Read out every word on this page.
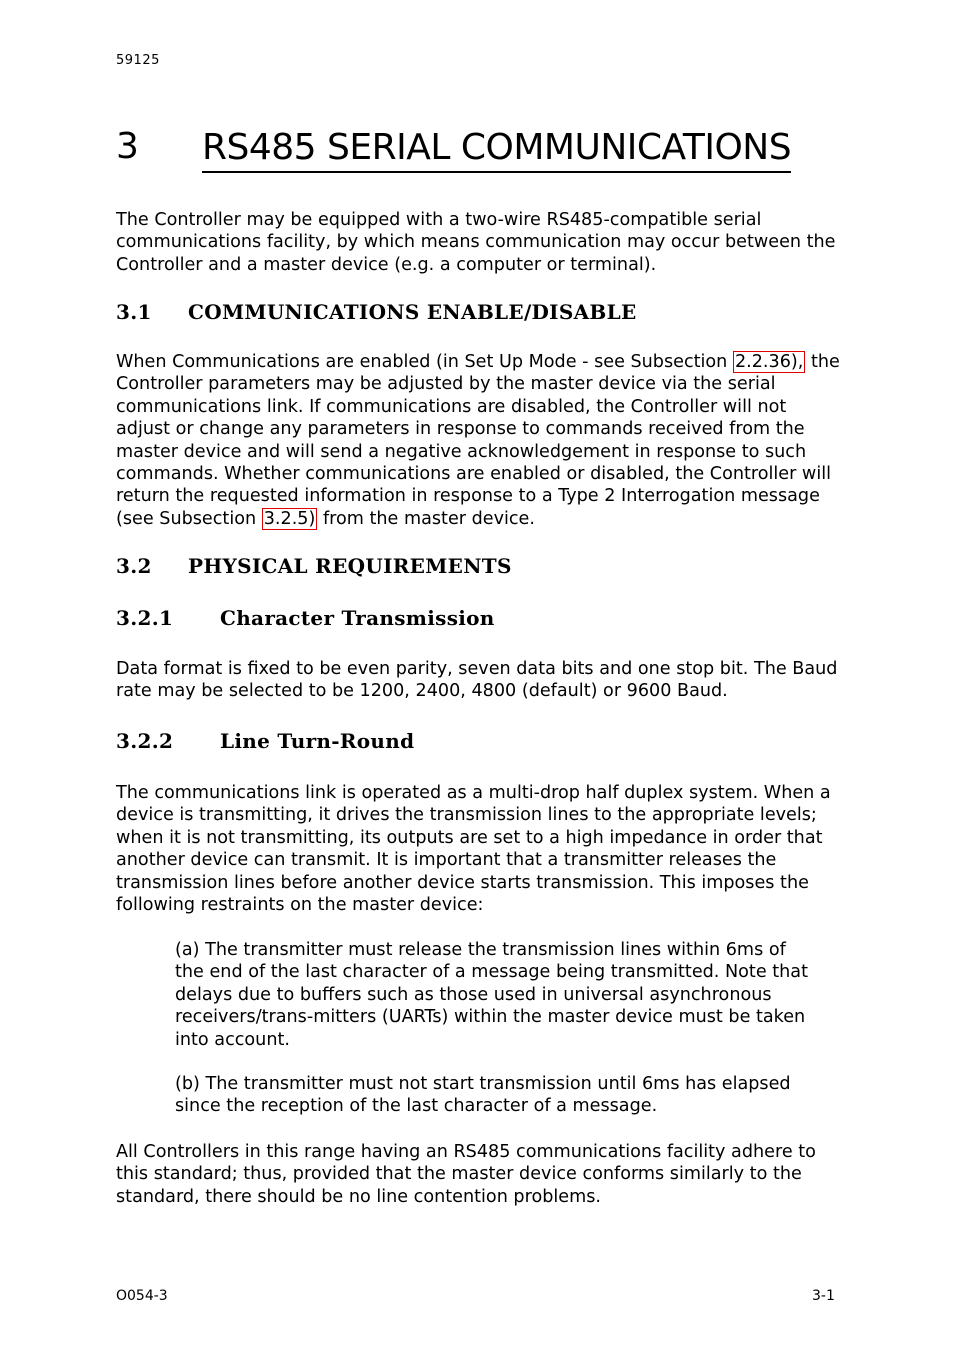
59125
3 RS485 SERIAL COMMUNICATIONS
The Controller may be equipped with a two-wire RS485-compatible serial communications facility, by which means communication may occur between the Controller and a master device (e.g. a computer or terminal).
3.1 COMMUNICATIONS ENABLE/DISABLE
When Communications are enabled (in Set Up Mode - see Subsection 2.2.36), the Controller parameters may be adjusted by the master device via the serial communications link. If communications are disabled, the Controller will not adjust or change any parameters in response to commands received from the master device and will send a negative acknowledgement in response to such commands. Whether communications are enabled or disabled, the Controller will return the requested information in response to a Type 2 Interrogation message (see Subsection 3.2.5) from the master device.
3.2 PHYSICAL REQUIREMENTS
3.2.1 Character Transmission
Data format is fixed to be even parity, seven data bits and one stop bit. The Baud rate may be selected to be 1200, 2400, 4800 (default) or 9600 Baud.
3.2.2 Line Turn-Round
The communications link is operated as a multi-drop half duplex system. When a device is transmitting, it drives the transmission lines to the appropriate levels; when it is not transmitting, its outputs are set to a high impedance in order that another device can transmit. It is important that a transmitter releases the transmission lines before another device starts transmission. This imposes the following restraints on the master device:
(a) The transmitter must release the transmission lines within 6ms of the end of the last character of a message being transmitted. Note that delays due to buffers such as those used in universal asynchronous receivers/trans-mitters (UARTs) within the master device must be taken into account.
(b) The transmitter must not start transmission until 6ms has elapsed since the reception of the last character of a message.
All Controllers in this range having an RS485 communications facility adhere to this standard; thus, provided that the master device conforms similarly to the standard, there should be no line contention problems.
O054-3	3-1
